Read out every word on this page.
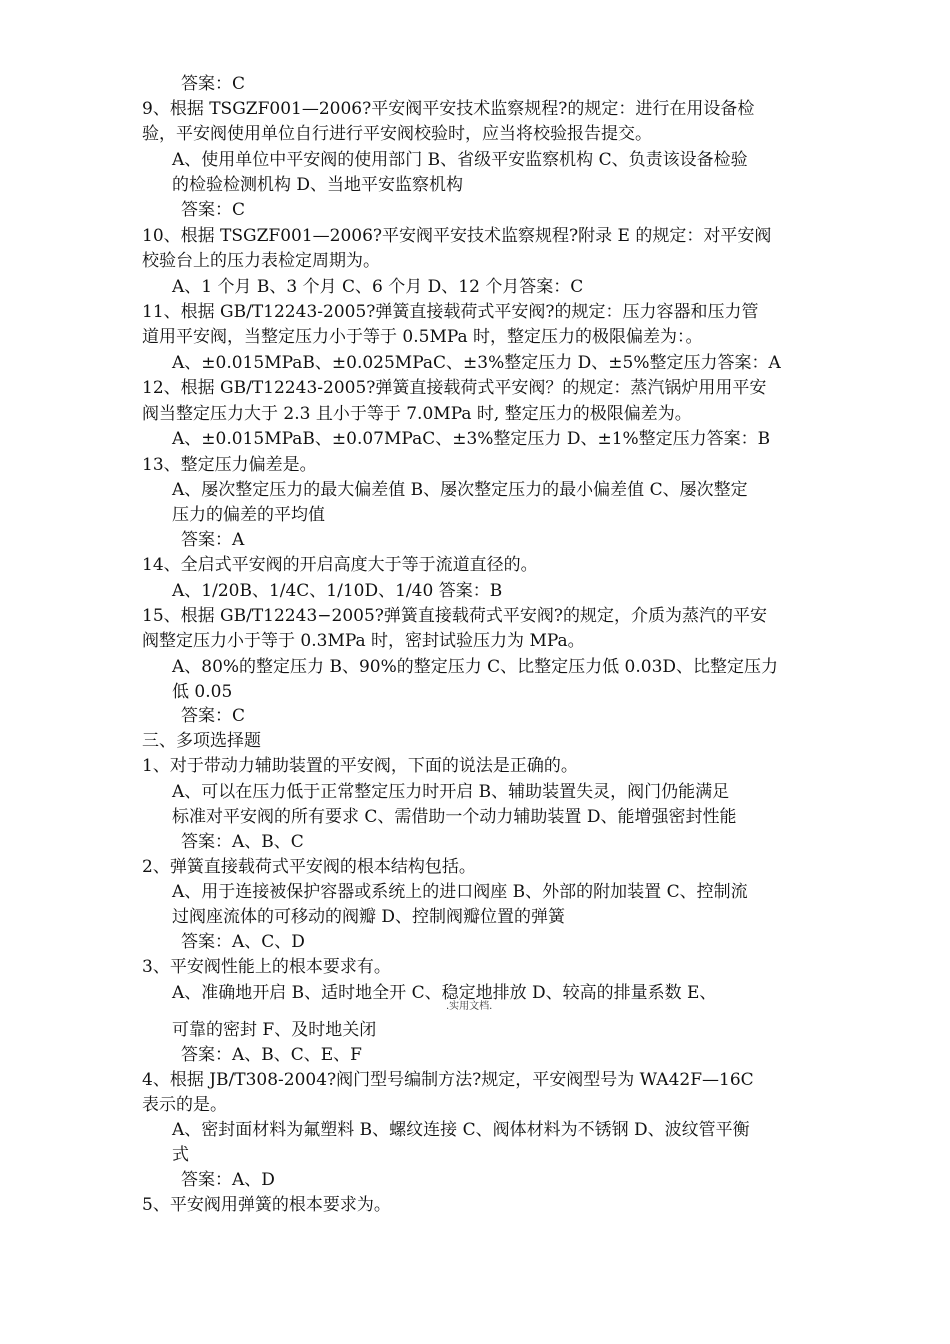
答案：C
9、根据 TSGZF001—2006?平安阀平安技术监察规程?的规定：进行在用设备检
验，平安阀使用单位自行进行平安阀校验时，应当将校验报告提交。
A、使用单位中平安阀的使用部门 B、省级平安监察机构 C、负责该设备检验
的检验检测机构 D、当地平安监察机构
答案：C
10、根据 TSGZF001—2006?平安阀平安技术监察规程?附录 E 的规定：对平安阀
校验台上的压力表检定周期为。
A、1 个月 B、3 个月 C、6 个月 D、12 个月答案：C
11、根据 GB/T12243-2005?弹簧直接载荷式平安阀?的规定：压力容器和压力管
道用平安阀，当整定压力小于等于 0.5MPa 时，整定压力的极限偏差为：。
A、±0.015MPaB、±0.025MPaC、±3%整定压力 D、±5%整定压力答案：A
12、根据 GB/T12243-2005?弹簧直接载荷式平安阀？的规定：蒸汽锅炉用用平安
阀当整定压力大于 2.3 且小于等于 7.0MPa 时, 整定压力的极限偏差为。
A、±0.015MPaB、±0.07MPaC、±3%整定压力 D、±1%整定压力答案：B
13、整定压力偏差是。
A、屡次整定压力的最大偏差值 B、屡次整定压力的最小偏差值 C、屡次整定
压力的偏差的平均值
答案：A
14、全启式平安阀的开启高度大于等于流道直径的。
A、1/20B、1/4C、1/10D、1/40 答案：B
15、根据 GB/T12243−2005?弹簧直接载荷式平安阀?的规定，介质为蒸汽的平安
阀整定压力小于等于 0.3MPa 时，密封试验压力为 MPa。
A、80%的整定压力 B、90%的整定压力 C、比整定压力低 0.03D、比整定压力
低 0.05
答案：C
三、多项选择题
1、对于带动力辅助装置的平安阀，下面的说法是正确的。
A、可以在压力低于正常整定压力时开启 B、辅助装置失灵，阀门仍能满足
标准对平安阀的所有要求 C、需借助一个动力辅助装置 D、能增强密封性能
答案：A、B、C
2、弹簧直接载荷式平安阀的根本结构包括。
A、用于连接被保护容器或系统上的进口阀座 B、外部的附加装置 C、控制流
过阀座流体的可移动的阀瓣 D、控制阀瓣位置的弹簧
答案：A、C、D
3、平安阀性能上的根本要求有。
A、准确地开启 B、适时地全开 C、稳定地排放 D、较高的排量系数 E、
.实用文档.
可靠的密封 F、及时地关闭
答案：A、B、C、E、F
4、根据 JB/T308-2004?阀门型号编制方法?规定，平安阀型号为 WA42F—16C
表示的是。
A、密封面材料为氟塑料 B、螺纹连接 C、阀体材料为不锈钢 D、波纹管平衡
式
答案：A、D
5、平安阀用弹簧的根本要求为。
